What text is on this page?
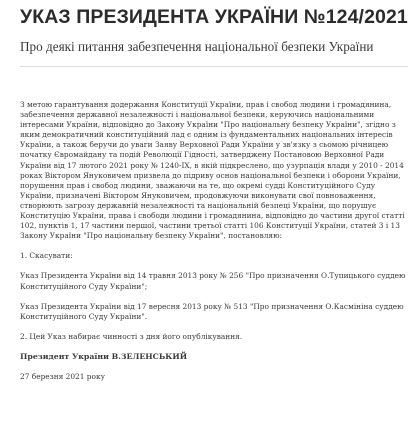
УКАЗ ПРЕЗИДЕНТА УКРАЇНИ №124/2021
Про деякі питання забезпечення національної безпеки України

З метою гарантування додержання Конституції України, прав і свобод людини і громадянина, забезпечення державної незалежності і національної безпеки, керуючись національними інтересами України, відповідно до Закону України "Про національну безпеку України", згідно з яким демократичний конституційний лад є одним із фундаментальних національних інтересів України, а також беручи до уваги Заяву Верховної Ради України у зв'язку з сьомою річницею початку Євромайдану та подій Революції Гідності, затверджену Постановою Верховної Ради України від 17 лютого 2021 року № 1240-IX, в якій підкреслено, що узурпація влади у 2010 - 2014 роках Віктором Януковичем призвела до підриву основ національної безпеки і оборони України, порушення прав і свобод людини, зважаючи на те, що окремі судді Конституційного Суду України, призначені Віктором Януковичем, продовжуючи виконувати свої повноваження, створюють загрозу державній незалежності та національній безпеці України, що порушує Конституцію України, права і свободи людини і громадянина, відповідно до частини другої статті 102, пунктів 1, 17 частини першої, частини третьої статті 106 Конституції України, статей 3 і 13 Закону України "Про національну безпеку України", постановляю:

1. Скасувати:

Указ Президента України від 14 травня 2013 року № 256 "Про призначення О.Тупицького суддею Конституційного Суду України";

Указ Президента України від 17 вересня 2013 року № 513 "Про призначення О.Касмініна суддею Конституційного Суду України".

2. Цей Указ набирає чинності з дня його опублікування.

Президент України В.ЗЕЛЕНСЬКИЙ

27 березня 2021 року
